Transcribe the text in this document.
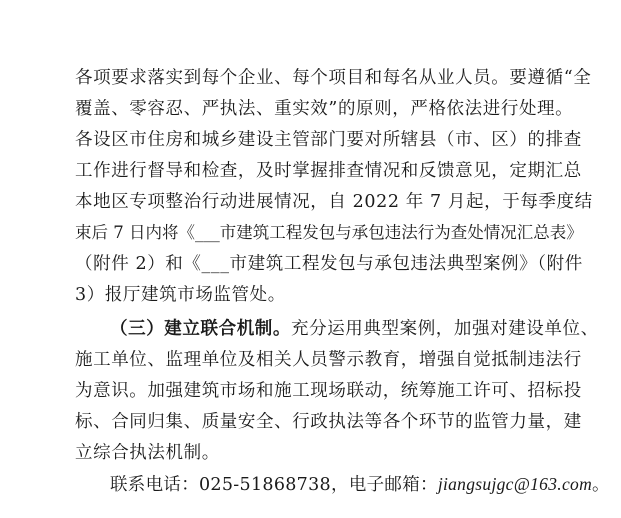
各项要求落实到每个企业、每个项目和每名从业人员。要遵循“全
覆盖、零容忍、严执法、重实效”的原则，严格依法进行处理。
各设区市住房和城乡建设主管部门要对所辖县（市、区）的排查
工作进行督导和检查，及时掌握排查情况和反馈意见，定期汇总
本地区专项整治行动进展情况，自 2022 年 7 月起，于每季度结
束后 7 日内将《___市建筑工程发包与承包违法行为查处情况汇总表》
（附件 2）和《___市建筑工程发包与承包违法典型案例》（附件
3）报厅建筑市场监管处。
（三）建立联合机制。充分运用典型案例，加强对建设单位、
施工单位、监理单位及相关人员警示教育，增强自觉抵制违法行
为意识。加强建筑市场和施工现场联动，统筹施工许可、招标投
标、合同归集、质量安全、行政执法等各个环节的监管力量，建
立综合执法机制。
联系电话：025-51868738，电子邮箱：jiangsujgc@163.com。
